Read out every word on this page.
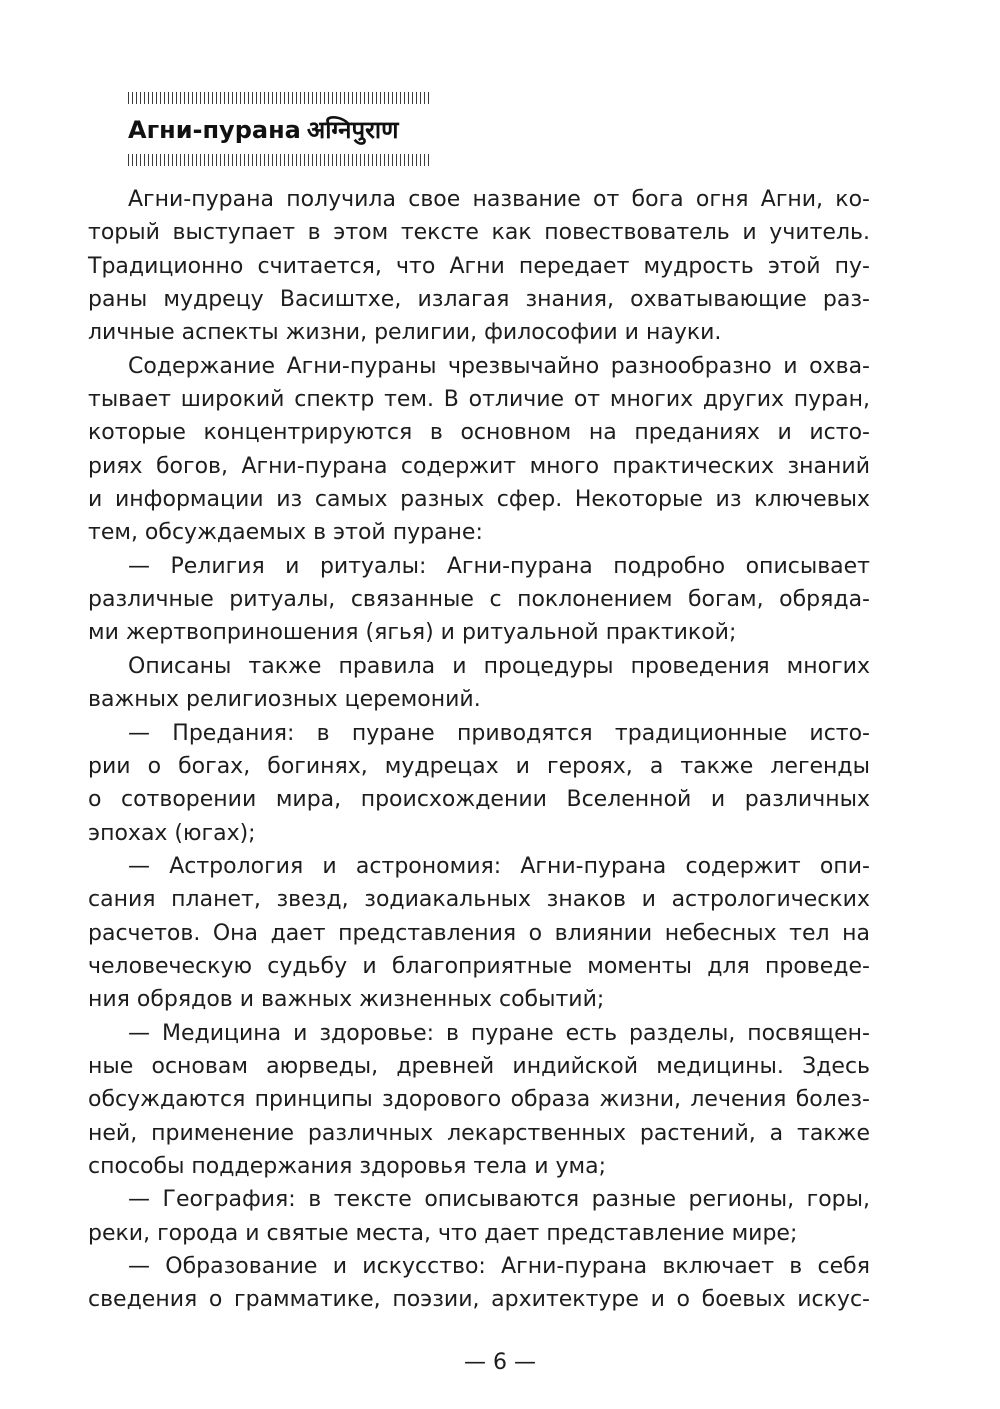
Агни-пурана अग्निपुराण
Агни-пурана получила свое название от бога огня Агни, ко-
торый выступает в этом тексте как повествователь и учитель.
Традиционно считается, что Агни передает мудрость этой пу-
раны мудрецу Васиштхе, излагая знания, охватывающие раз-
личные аспекты жизни, религии, философии и науки.
Содержание Агни-пураны чрезвычайно разнообразно и охва-
тывает широкий спектр тем. В отличие от многих других пуран,
которые концентрируются в основном на преданиях и исто-
риях богов, Агни-пурана содержит много практических знаний
и информации из самых разных сфер. Некоторые из ключевых
тем, обсуждаемых в этой пуране:
— Религия и ритуалы: Агни-пурана подробно описывает
различные ритуалы, связанные с поклонением богам, обряда-
ми жертвоприношения (ягья) и ритуальной практикой;
Описаны также правила и процедуры проведения многих
важных религиозных церемоний.
— Предания: в пуране приводятся традиционные исто-
рии о богах, богинях, мудрецах и героях, а также легенды
о сотворении мира, происхождении Вселенной и различных
эпохах (югах);
— Астрология и астрономия: Агни-пурана содержит опи-
сания планет, звезд, зодиакальных знаков и астрологических
расчетов. Она дает представления о влиянии небесных тел на
человеческую судьбу и благоприятные моменты для проведе-
ния обрядов и важных жизненных событий;
— Медицина и здоровье: в пуране есть разделы, посвящен-
ные основам аюрведы, древней индийской медицины. Здесь
обсуждаются принципы здорового образа жизни, лечения болез-
ней, применение различных лекарственных растений, а также
способы поддержания здоровья тела и ума;
— География: в тексте описываются разные регионы, горы,
реки, города и святые места, что дает представление мире;
— Образование и искусство: Агни-пурана включает в себя
сведения о грамматике, поэзии, архитектуре и о боевых искус-
— 6 —
